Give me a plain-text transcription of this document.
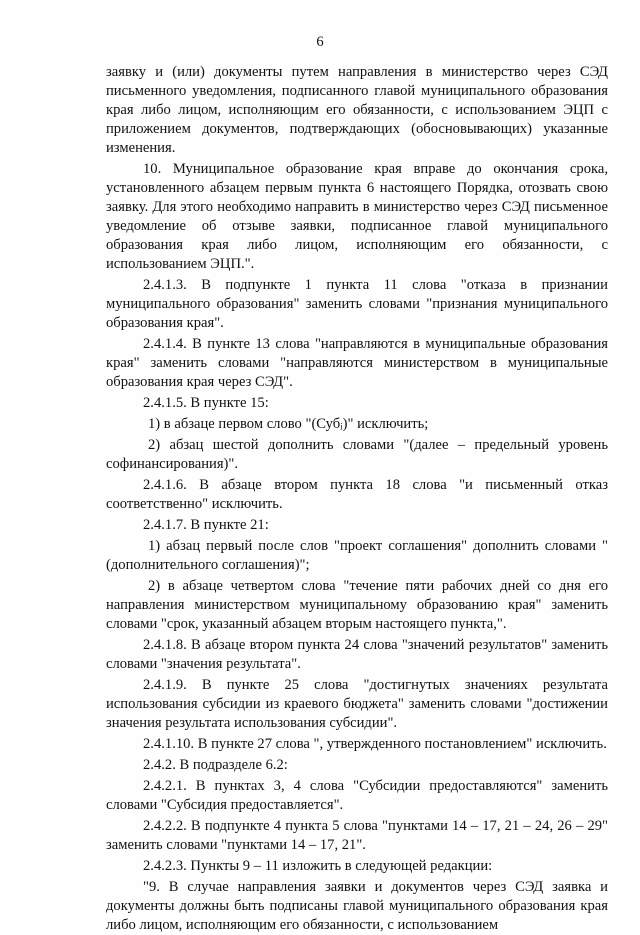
6

заявку и (или) документы путем направления в министерство через СЭД письменного уведомления, подписанного главой муниципального образования края либо лицом, исполняющим его обязанности, с использованием ЭЦП с приложением документов, подтверждающих (обосновывающих) указанные изменения.

10. Муниципальное образование края вправе до окончания срока, установленного абзацем первым пункта 6 настоящего Порядка, отозвать свою заявку. Для этого необходимо направить в министерство через СЭД письменное уведомление об отзыве заявки, подписанное главой муниципального образования края либо лицом, исполняющим его обязанности, с использованием ЭЦП.".

2.4.1.3. В подпункте 1 пункта 11 слова "отказа в признании муниципального образования" заменить словами "признания муниципального образования края".

2.4.1.4. В пункте 13 слова "направляются в муниципальные образования края" заменить словами "направляются министерством в муниципальные образования края через СЭД".

2.4.1.5. В пункте 15:

1) в абзаце первом слово "(Субᵢ)" исключить;

2) абзац шестой дополнить словами "(далее – предельный уровень софинансирования)".

2.4.1.6. В абзаце втором пункта 18 слова "и письменный отказ соответственно" исключить.

2.4.1.7. В пункте 21:

1) абзац первый после слов "проект соглашения" дополнить словами "(дополнительного соглашения)";

2) в абзаце четвертом слова "течение пяти рабочих дней со дня его направления министерством муниципальному образованию края" заменить словами "срок, указанный абзацем вторым настоящего пункта,".

2.4.1.8. В абзаце втором пункта 24 слова "значений результатов" заменить словами "значения результата".

2.4.1.9. В пункте 25 слова "достигнутых значениях результата использования субсидии из краевого бюджета" заменить словами "достижении значения результата использования субсидии".

2.4.1.10. В пункте 27 слова ", утвержденного постановлением" исключить.

2.4.2. В подразделе 6.2:

2.4.2.1. В пунктах 3, 4 слова "Субсидии предоставляются" заменить словами "Субсидия предоставляется".

2.4.2.2. В подпункте 4 пункта 5 слова "пунктами 14 – 17, 21 – 24, 26 – 29" заменить словами "пунктами 14 – 17, 21".

2.4.2.3. Пункты 9 – 11 изложить в следующей редакции:

"9. В случае направления заявки и документов через СЭД заявка и документы должны быть подписаны главой муниципального образования края либо лицом, исполняющим его обязанности, с использованием
